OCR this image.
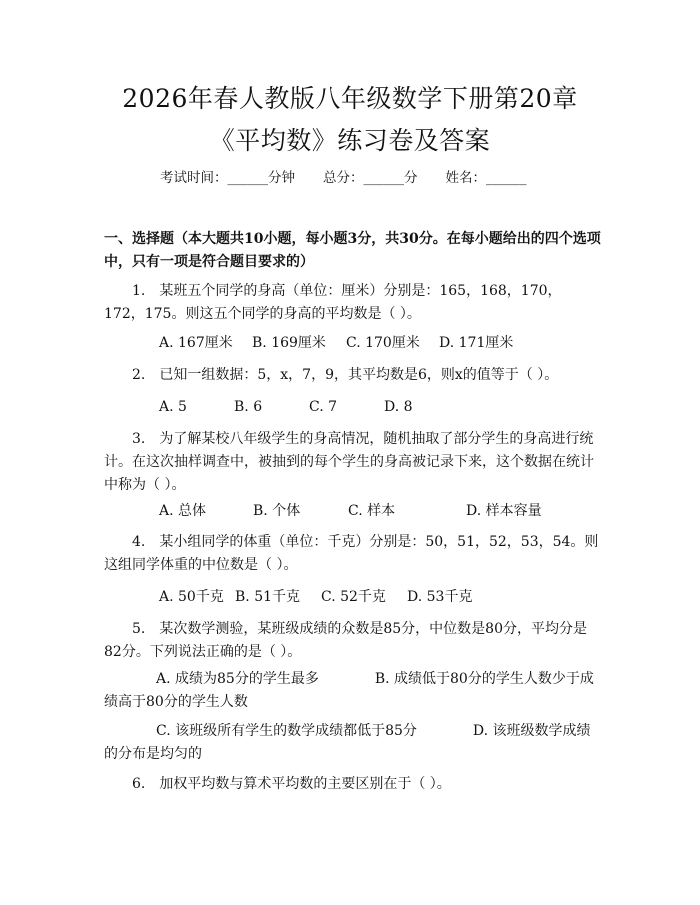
2026年春人教版八年级数学下册第20章
《平均数》练习卷及答案
考试时间：______分钟 总分：______分 姓名：______
一、选择题（本大题共10小题，每小题3分，共30分。在每小题给出的四个选项中，只有一项是符合题目要求的）
1.　某班五个同学的身高（单位：厘米）分别是：165，168，170，172，175。则这五个同学的身高的平均数是（ ）。
A. 167厘米 B. 169厘米 C. 170厘米 D. 171厘米
2.　已知一组数据：5，x，7，9，其平均数是6，则x的值等于（ ）。
A. 5	B. 6	C. 7	D. 8
3.　为了解某校八年级学生的身高情况，随机抽取了部分学生的身高进行统计。在这次抽样调查中，被抽到的每个学生的身高被记录下来，这个数据在统计中称为（ ）。
A. 总体	B. 个体	C. 样本	D. 样本容量
4.　某小组同学的体重（单位：千克）分别是：50，51，52，53，54。则这组同学体重的中位数是（ ）。
A. 50千克 B. 51千克 C. 52千克 D. 53千克
5.　某次数学测验，某班级成绩的众数是85分，中位数是80分，平均分是82分。下列说法正确的是（ ）。
A. 成绩为85分的学生最多　　　　B. 成绩低于80分的学生人数少于成绩高于80分的学生人数
C. 该班级所有学生的数学成绩都低于85分　　　　D. 该班级数学成绩的分布是均匀的
6.　加权平均数与算术平均数的主要区别在于（ ）。
